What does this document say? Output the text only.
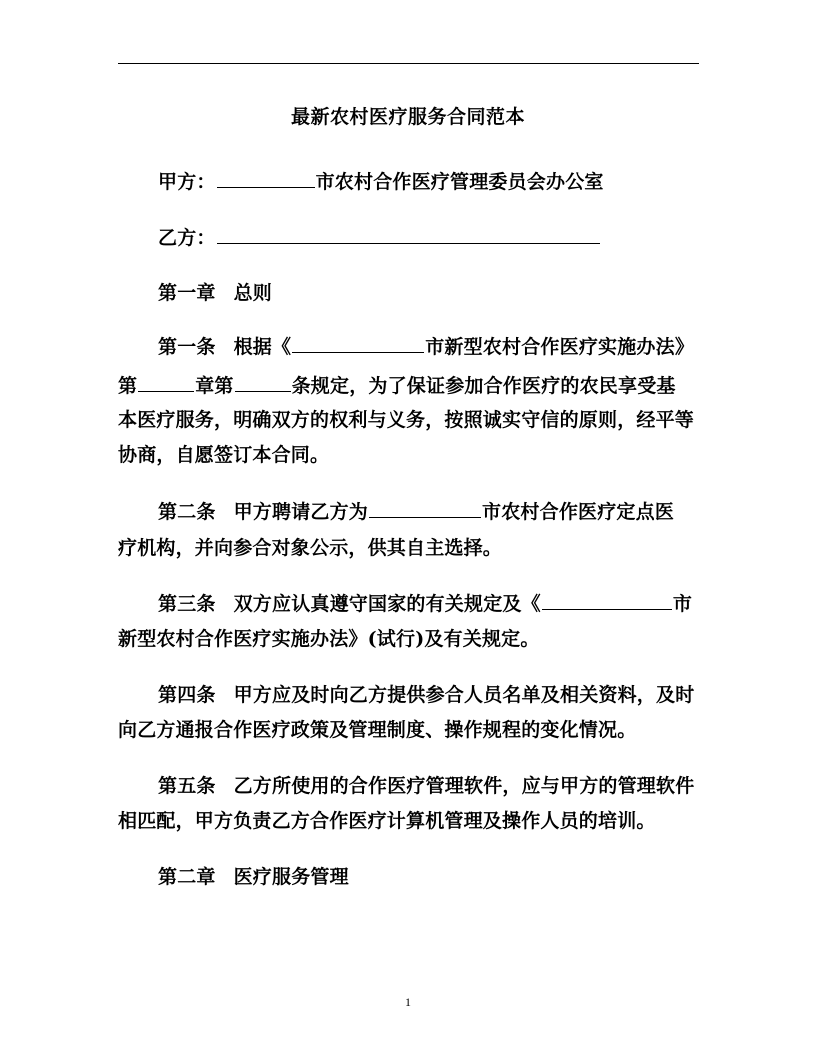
最新农村医疗服务合同范本
甲方：	市农村合作医疗管理委员会办公室
乙方：
第一章 总则
第一条 根据《	市新型农村合作医疗实施办法》
第	章第	条规定，为了保证参加合作医疗的农民享受基
本医疗服务，明确双方的权利与义务，按照诚实守信的原则，经平等
协商，自愿签订本合同。
第二条 甲方聘请乙方为	市农村合作医疗定点医
疗机构，并向参合对象公示，供其自主选择。
第三条 双方应认真遵守国家的有关规定及《	市
新型农村合作医疗实施办法》(试行)及有关规定。
第四条 甲方应及时向乙方提供参合人员名单及相关资料，及时
向乙方通报合作医疗政策及管理制度、操作规程的变化情况。
第五条 乙方所使用的合作医疗管理软件，应与甲方的管理软件
相匹配，甲方负责乙方合作医疗计算机管理及操作人员的培训。
第二章 医疗服务管理
1
